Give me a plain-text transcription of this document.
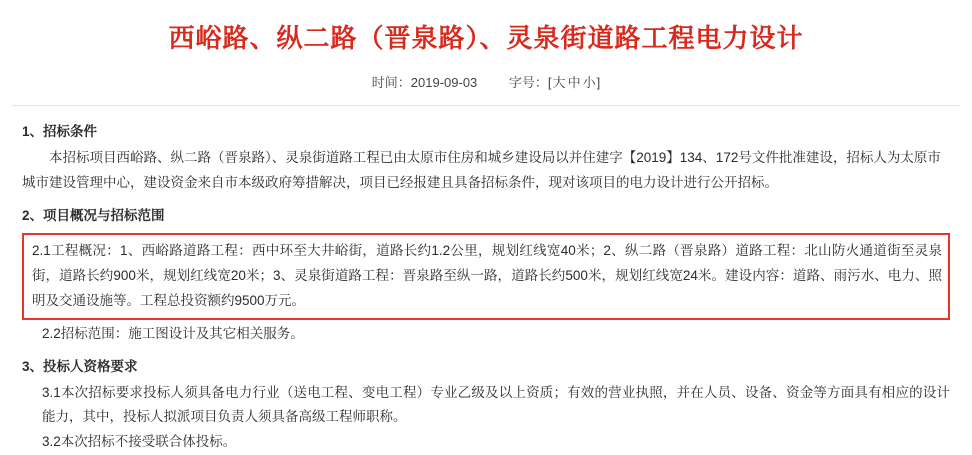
西峪路、纵二路（晋泉路）、灵泉街道路工程电力设计
时间：2019-09-03 字号：[大 中 小]
1、招标条件

本招标项目西峪路、纵二路（晋泉路）、灵泉街道路工程已由太原市住房和城乡建设局以并住建字【2019】134、172号文件批准建设，招标人为太原市城市建设管理中心，建设资金来自市本级政府筹措解决，项目已经报建且具备招标条件，现对该项目的电力设计进行公开招标。

2、项目概况与招标范围

2.1工程概况：1、西峪路道路工程：西中环至大井峪街，道路长约1.2公里，规划红线宽40米；2、纵二路（晋泉路）道路工程：北山防火通道街至灵泉街，道路长约900米，规划红线宽20米；3、灵泉街道路工程：晋泉路至纵一路，道路长约500米，规划红线宽24米。建设内容：道路、雨污水、电力、照明及交通设施等。工程总投资额约9500万元。

2.2招标范围：施工图设计及其它相关服务。

3、投标人资格要求

3.1本次招标要求投标人须具备电力行业（送电工程、变电工程）专业乙级及以上资质；有效的营业执照，并在人员、设备、资金等方面具有相应的设计能力，其中，投标人拟派项目负责人须具备高级工程师职称。

3.2本次招标不接受联合体投标。
